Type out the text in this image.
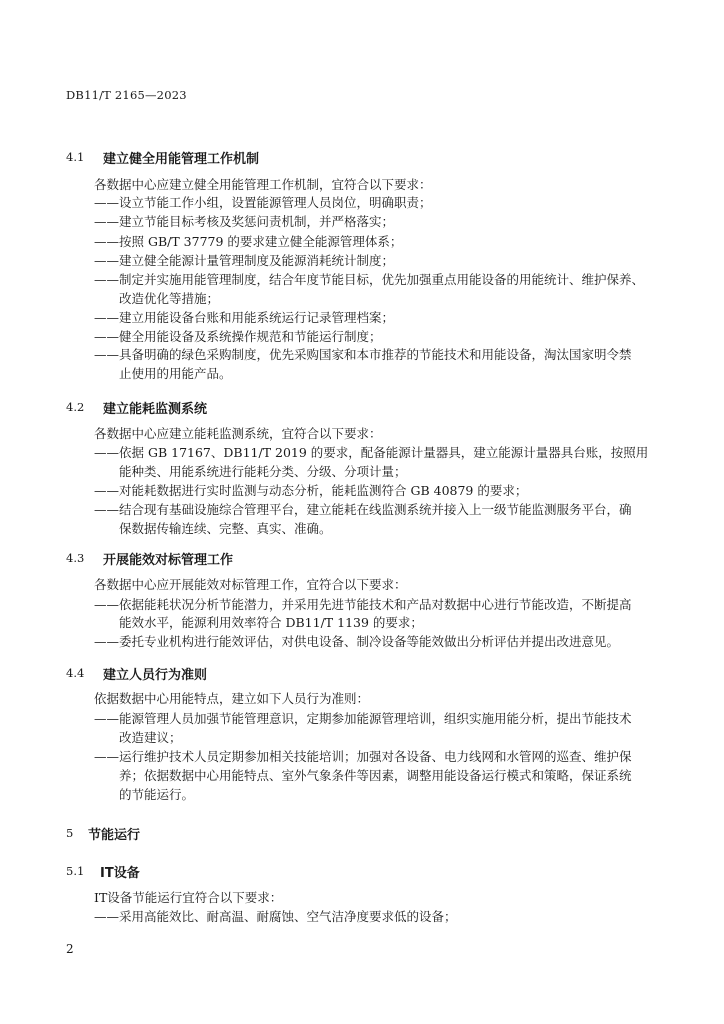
DB11/T 2165—2023
4.1 建立健全用能管理工作机制
各数据中心应建立健全用能管理工作机制，宜符合以下要求：
——设立节能工作小组，设置能源管理人员岗位，明确职责；
——建立节能目标考核及奖惩问责机制，并严格落实；
——按照 GB/T 37779 的要求建立健全能源管理体系；
——建立健全能源计量管理制度及能源消耗统计制度；
——制定并实施用能管理制度，结合年度节能目标，优先加强重点用能设备的用能统计、维护保养、
改造优化等措施；
——建立用能设备台账和用能系统运行记录管理档案；
——健全用能设备及系统操作规范和节能运行制度；
——具备明确的绿色采购制度，优先采购国家和本市推荐的节能技术和用能设备，淘汰国家明令禁
止使用的用能产品。
4.2 建立能耗监测系统
各数据中心应建立能耗监测系统，宜符合以下要求：
——依据 GB 17167、DB11/T 2019 的要求，配备能源计量器具，建立能源计量器具台账，按照用
能种类、用能系统进行能耗分类、分级、分项计量；
——对能耗数据进行实时监测与动态分析，能耗监测符合 GB 40879 的要求；
——结合现有基础设施综合管理平台，建立能耗在线监测系统并接入上一级节能监测服务平台，确
保数据传输连续、完整、真实、准确。
4.3 开展能效对标管理工作
各数据中心应开展能效对标管理工作，宜符合以下要求：
——依据能耗状况分析节能潜力，并采用先进节能技术和产品对数据中心进行节能改造，不断提高
能效水平，能源利用效率符合 DB11/T 1139 的要求；
——委托专业机构进行能效评估，对供电设备、制冷设备等能效做出分析评估并提出改进意见。
4.4 建立人员行为准则
依据数据中心用能特点，建立如下人员行为准则：
——能源管理人员加强节能管理意识，定期参加能源管理培训，组织实施用能分析，提出节能技术
改造建议；
——运行维护技术人员定期参加相关技能培训；加强对各设备、电力线网和水管网的巡查、维护保
养；依据数据中心用能特点、室外气象条件等因素，调整用能设备运行模式和策略，保证系统
的节能运行。
5 节能运行
5.1 IT设备
IT设备节能运行宜符合以下要求：
——采用高能效比、耐高温、耐腐蚀、空气洁净度要求低的设备；
2
